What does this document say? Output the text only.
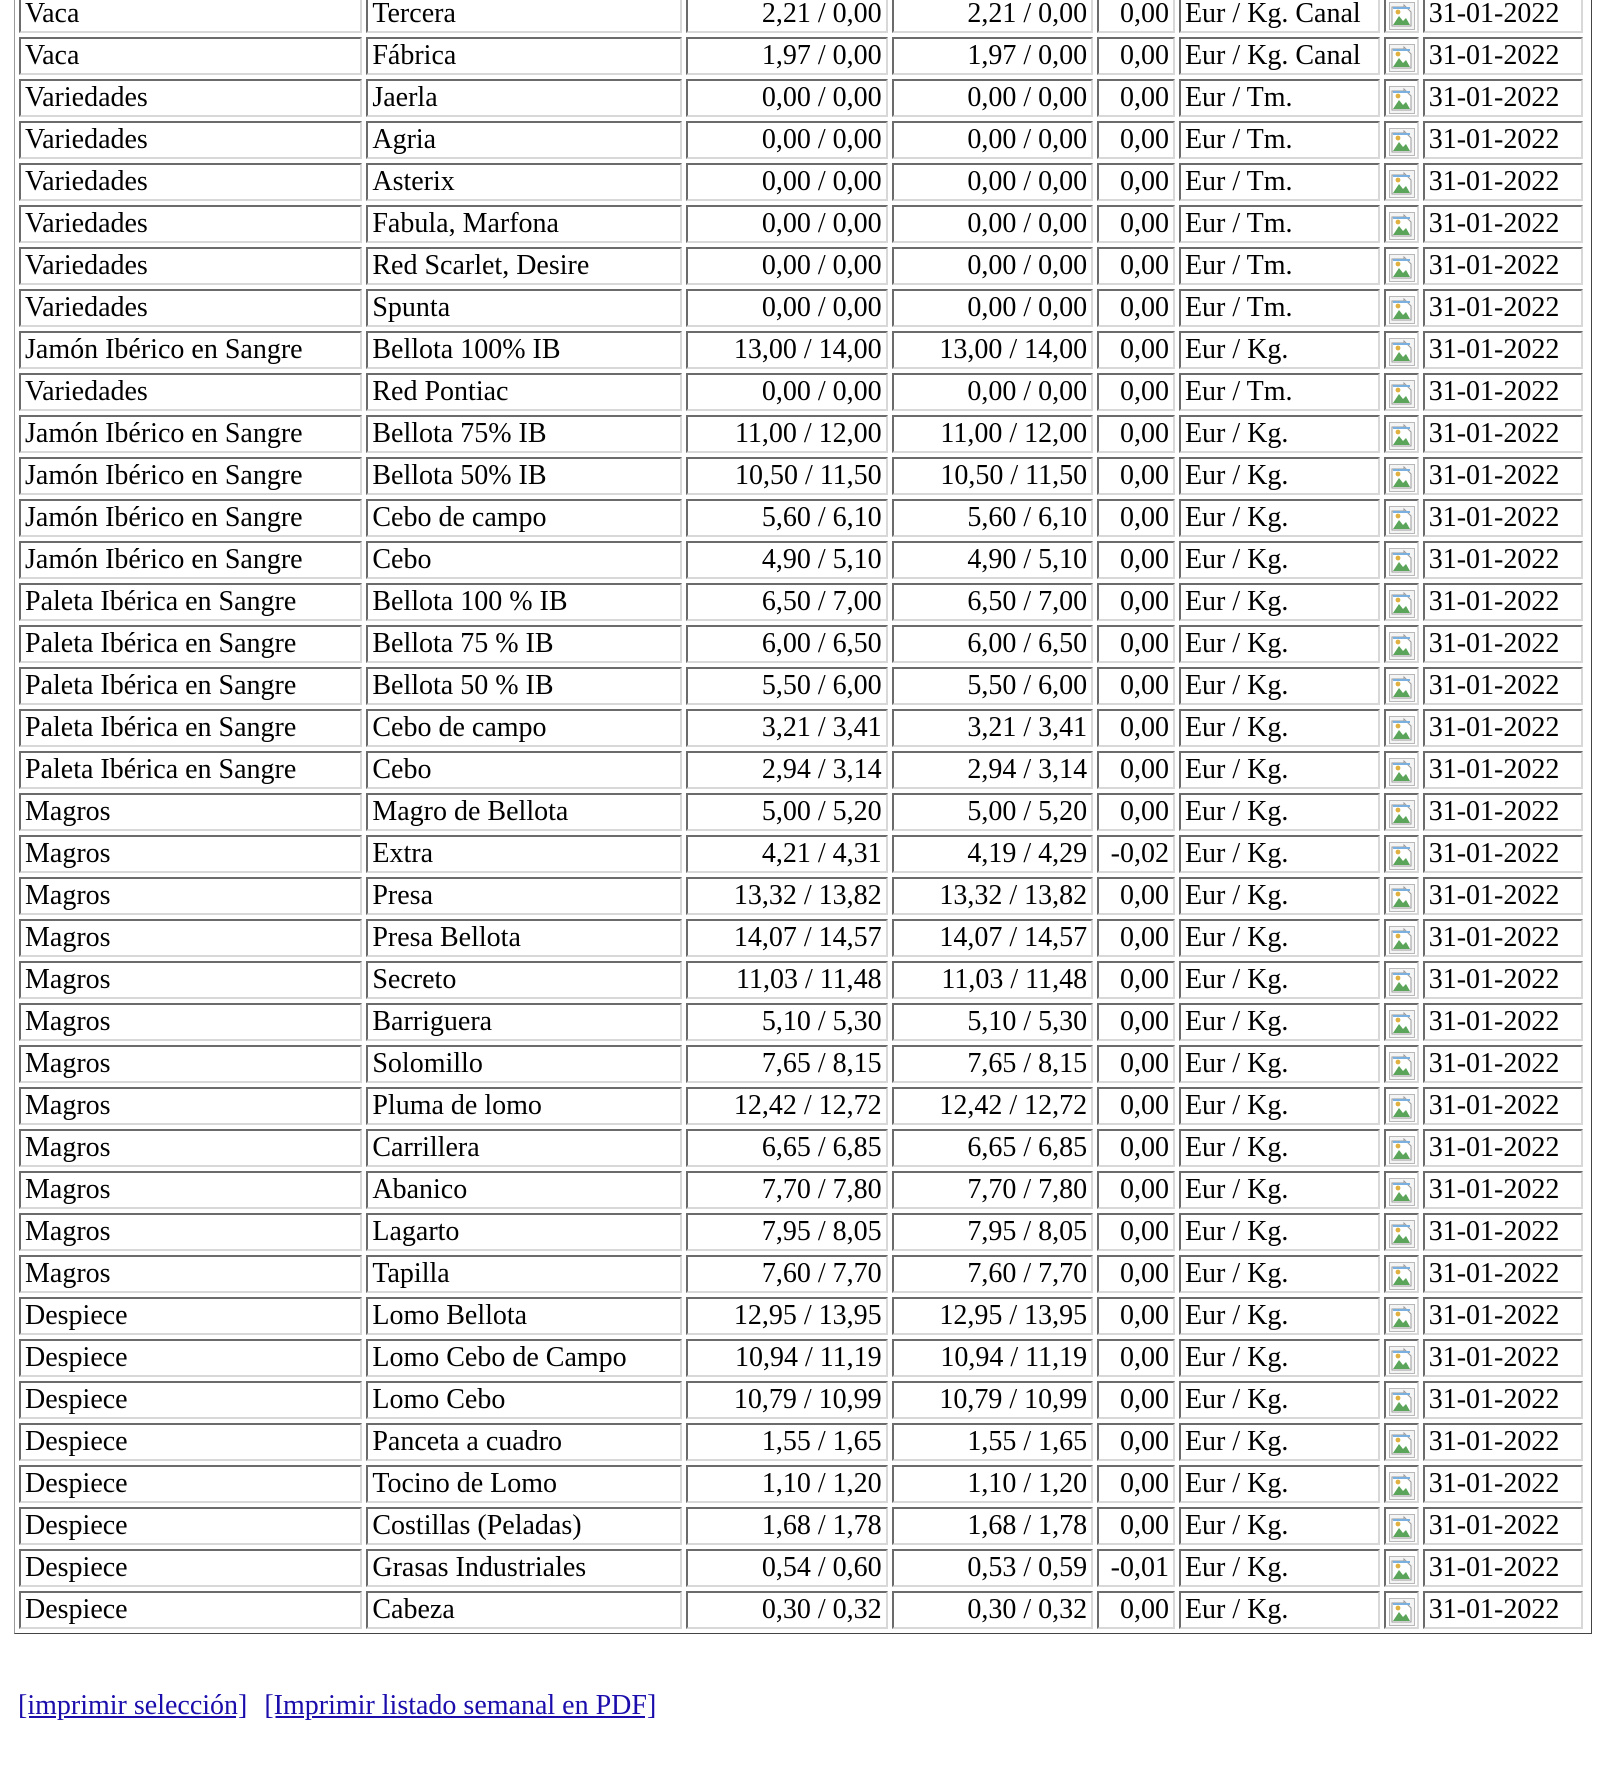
Vaca	Tercera	2,21 / 0,00	2,21 / 0,00	0,00	Eur / Kg. Canal		31-01-2022
Vaca	Fábrica	1,97 / 0,00	1,97 / 0,00	0,00	Eur / Kg. Canal		31-01-2022
Variedades	Jaerla	0,00 / 0,00	0,00 / 0,00	0,00	Eur / Tm.		31-01-2022
Variedades	Agria	0,00 / 0,00	0,00 / 0,00	0,00	Eur / Tm.		31-01-2022
Variedades	Asterix	0,00 / 0,00	0,00 / 0,00	0,00	Eur / Tm.		31-01-2022
Variedades	Fabula, Marfona	0,00 / 0,00	0,00 / 0,00	0,00	Eur / Tm.		31-01-2022
Variedades	Red Scarlet, Desire	0,00 / 0,00	0,00 / 0,00	0,00	Eur / Tm.		31-01-2022
Variedades	Spunta	0,00 / 0,00	0,00 / 0,00	0,00	Eur / Tm.		31-01-2022
Jamón Ibérico en Sangre	Bellota 100% IB	13,00 / 14,00	13,00 / 14,00	0,00	Eur / Kg.		31-01-2022
Variedades	Red Pontiac	0,00 / 0,00	0,00 / 0,00	0,00	Eur / Tm.		31-01-2022
Jamón Ibérico en Sangre	Bellota 75% IB	11,00 / 12,00	11,00 / 12,00	0,00	Eur / Kg.		31-01-2022
Jamón Ibérico en Sangre	Bellota 50% IB	10,50 / 11,50	10,50 / 11,50	0,00	Eur / Kg.		31-01-2022
Jamón Ibérico en Sangre	Cebo de campo	5,60 / 6,10	5,60 / 6,10	0,00	Eur / Kg.		31-01-2022
Jamón Ibérico en Sangre	Cebo	4,90 / 5,10	4,90 / 5,10	0,00	Eur / Kg.		31-01-2022
Paleta Ibérica en Sangre	Bellota 100 % IB	6,50 / 7,00	6,50 / 7,00	0,00	Eur / Kg.		31-01-2022
Paleta Ibérica en Sangre	Bellota 75 % IB	6,00 / 6,50	6,00 / 6,50	0,00	Eur / Kg.		31-01-2022
Paleta Ibérica en Sangre	Bellota 50 % IB	5,50 / 6,00	5,50 / 6,00	0,00	Eur / Kg.		31-01-2022
Paleta Ibérica en Sangre	Cebo de campo	3,21 / 3,41	3,21 / 3,41	0,00	Eur / Kg.		31-01-2022
Paleta Ibérica en Sangre	Cebo	2,94 / 3,14	2,94 / 3,14	0,00	Eur / Kg.		31-01-2022
Magros	Magro de Bellota	5,00 / 5,20	5,00 / 5,20	0,00	Eur / Kg.		31-01-2022
Magros	Extra	4,21 / 4,31	4,19 / 4,29	-0,02	Eur / Kg.		31-01-2022
Magros	Presa	13,32 / 13,82	13,32 / 13,82	0,00	Eur / Kg.		31-01-2022
Magros	Presa Bellota	14,07 / 14,57	14,07 / 14,57	0,00	Eur / Kg.		31-01-2022
Magros	Secreto	11,03 / 11,48	11,03 / 11,48	0,00	Eur / Kg.		31-01-2022
Magros	Barriguera	5,10 / 5,30	5,10 / 5,30	0,00	Eur / Kg.		31-01-2022
Magros	Solomillo	7,65 / 8,15	7,65 / 8,15	0,00	Eur / Kg.		31-01-2022
Magros	Pluma de lomo	12,42 / 12,72	12,42 / 12,72	0,00	Eur / Kg.		31-01-2022
Magros	Carrillera	6,65 / 6,85	6,65 / 6,85	0,00	Eur / Kg.		31-01-2022
Magros	Abanico	7,70 / 7,80	7,70 / 7,80	0,00	Eur / Kg.		31-01-2022
Magros	Lagarto	7,95 / 8,05	7,95 / 8,05	0,00	Eur / Kg.		31-01-2022
Magros	Tapilla	7,60 / 7,70	7,60 / 7,70	0,00	Eur / Kg.		31-01-2022
Despiece	Lomo Bellota	12,95 / 13,95	12,95 / 13,95	0,00	Eur / Kg.		31-01-2022
Despiece	Lomo Cebo de Campo	10,94 / 11,19	10,94 / 11,19	0,00	Eur / Kg.		31-01-2022
Despiece	Lomo Cebo	10,79 / 10,99	10,79 / 10,99	0,00	Eur / Kg.		31-01-2022
Despiece	Panceta a cuadro	1,55 / 1,65	1,55 / 1,65	0,00	Eur / Kg.		31-01-2022
Despiece	Tocino de Lomo	1,10 / 1,20	1,10 / 1,20	0,00	Eur / Kg.		31-01-2022
Despiece	Costillas (Peladas)	1,68 / 1,78	1,68 / 1,78	0,00	Eur / Kg.		31-01-2022
Despiece	Grasas Industriales	0,54 / 0,60	0,53 / 0,59	-0,01	Eur / Kg.		31-01-2022
Despiece	Cabeza	0,30 / 0,32	0,30 / 0,32	0,00	Eur / Kg.		31-01-2022
[imprimir selección] [Imprimir listado semanal en PDF]
